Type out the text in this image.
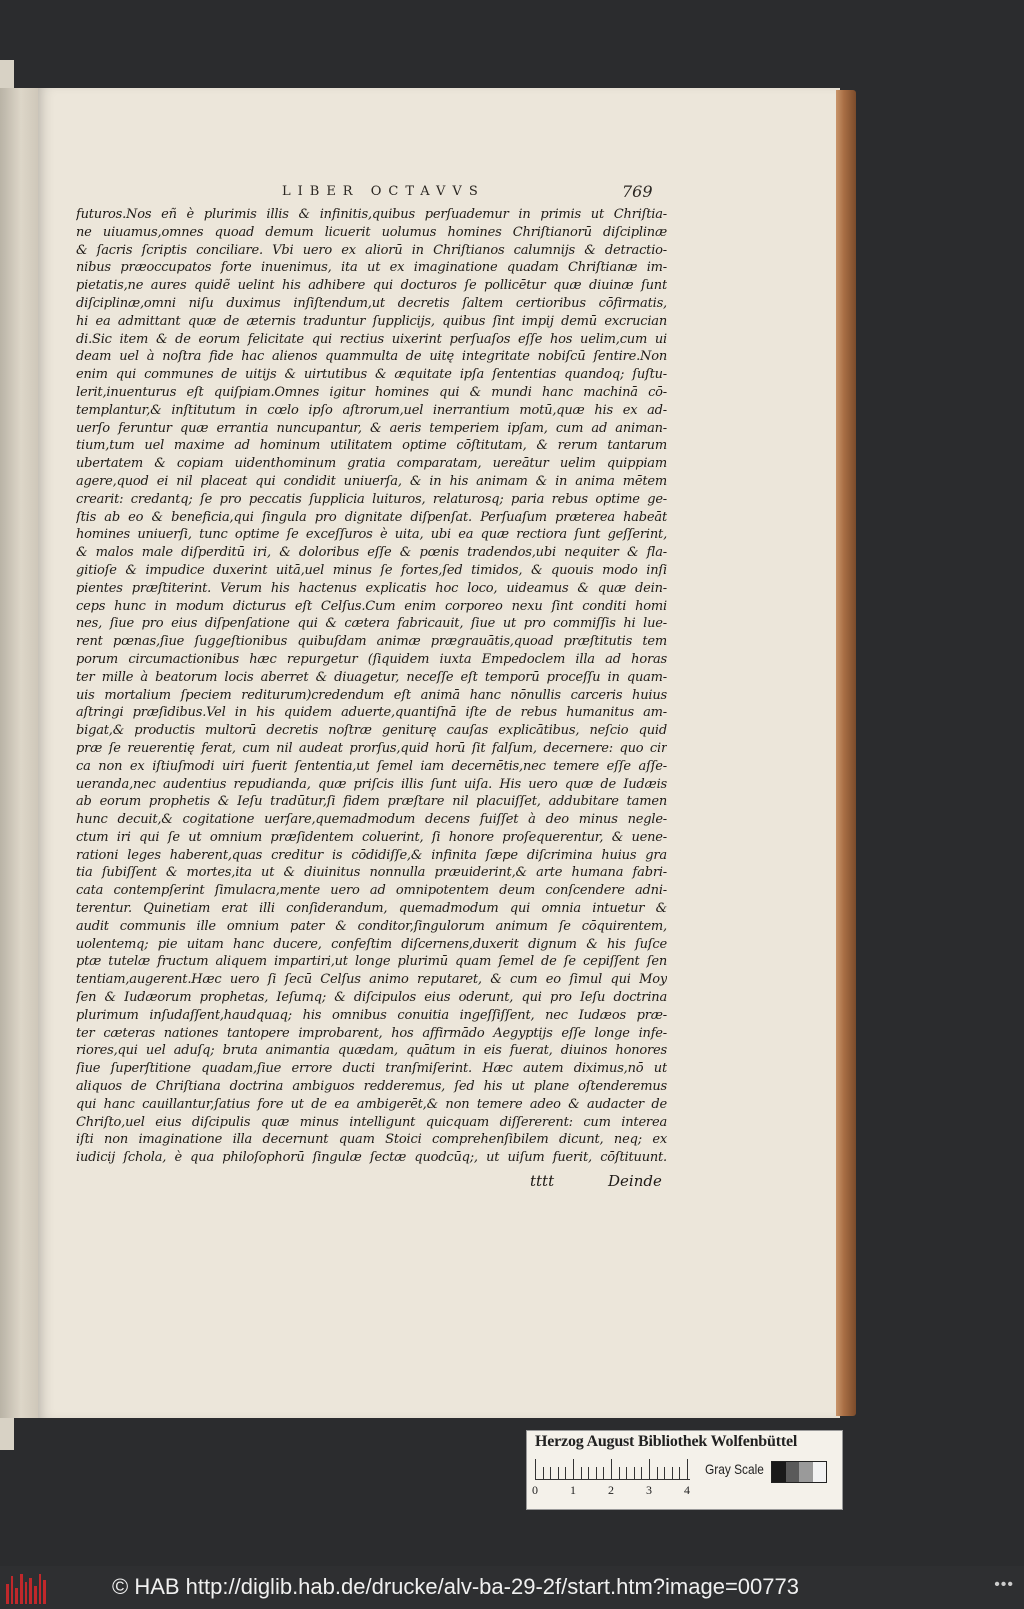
LIBER OCTAVVS	769
futuros.Nos eñ è plurimis illis & infinitis,quibus perſuademur in primis ut Chriſtia-
ne uiuamus,omnes quoad demum licuerit uolumus homines Chriſtianorū diſciplinæ
& ſacris ſcriptis conciliare. Vbi uero ex aliorū in Chriſtianos calumnijs & detractio-
nibus præoccupatos forte inuenimus, ita ut ex imaginatione quadam Chriſtianæ im-
pietatis,ne aures quidẽ uelint his adhibere qui docturos ſe pollicētur quæ diuinæ ſunt
diſciplinæ,omni niſu duximus inſiſtendum,ut decretis ſaltem certioribus cōfirmatis,
hi ea admittant quæ de æternis traduntur ſupplicijs, quibus ſint impij demū excrucian
di.Sic item & de eorum felicitate qui rectius uixerint perſuaſos eſſe hos uelim,cum ui
deam uel à noſtra fide hac alienos quammulta de uitę integritate nobiſcū ſentire.Non
enim qui communes de uitijs & uirtutibus & æquitate ipſa ſententias quandoq; ſuſtu-
lerit,inuenturus eſt quiſpiam.Omnes igitur homines qui & mundi hanc machinā cō-
templantur,& inſtitutum in cœlo ipſo aſtrorum,uel inerrantium motū,quæ his ex ad-
uerſo feruntur quæ errantia nuncupantur, & aeris temperiem ipſam, cum ad animan-
tium,tum uel maxime ad hominum utilitatem optime cōſtitutam, & rerum tantarum
ubertatem & copiam uidenthominum gratia comparatam, uereātur uelim quippiam
agere,quod ei nil placeat qui condidit uniuerſa, & in his animam & in anima mētem
crearit: credantq; ſe pro peccatis ſupplicia luituros, relaturosq; paria rebus optime ge-
ſtis ab eo & beneficia,qui ſingula pro dignitate diſpenſat. Perſuaſum præterea habeāt
homines uniuerſi, tunc optime ſe exceſſuros è uita, ubi ea quæ rectiora ſunt geſſerint,
& malos male diſperditū iri, & doloribus eſſe & pœnis tradendos,ubi nequiter & fla-
gitioſe & impudice duxerint uitā,uel minus ſe fortes,ſed timidos, & quouis modo inſi
pientes præſtiterint. Verum his hactenus explicatis hoc loco, uideamus & quæ dein-
ceps hunc in modum dicturus eſt Celſus.Cum enim corporeo nexu ſint conditi homi
nes, ſiue pro eius diſpenſatione qui & cætera fabricauit, ſiue ut pro commiſſis hi lue-
rent pœnas,ſiue ſuggeſtionibus quibuſdam animæ prægrauātis,quoad præſtitutis tem
porum circumactionibus hæc repurgetur (ſiquidem iuxta Empedoclem illa ad horas
ter mille à beatorum locis aberret & diuagetur, neceſſe eſt temporū proceſſu in quam-
uis mortalium ſpeciem rediturum)credendum eſt animā hanc nōnullis carceris huius
aſtringi præſidibus.Vel in his quidem aduerte,quantiſnā iſte de rebus humanitus am-
bigat,& productis multorū decretis noſtræ geniturę cauſas explicātibus, neſcio quid
præ ſe reuerentię ferat, cum nil audeat prorſus,quid horū ſit falſum, decernere: quo cir
ca non ex iſtiuſmodi uiri fuerit ſententia,ut ſemel iam decernētis,nec temere eſſe aſſe-
ueranda,nec audentius repudianda, quæ priſcis illis ſunt uiſa. His uero quæ de Iudæis
ab eorum prophetis & Ieſu tradūtur,ſi fidem præſtare nil placuiſſet, addubitare tamen
hunc decuit,& cogitatione uerſare,quemadmodum decens fuiſſet à deo minus negle-
ctum iri qui ſe ut omnium præſidentem coluerint, ſi honore proſequerentur, & uene-
rationi leges haberent,quas creditur is cōdidiſſe,& infinita ſæpe diſcrimina huius gra
tia ſubiſſent & mortes,ita ut & diuinitus nonnulla præuiderint,& arte humana fabri-
cata contempſerint ſimulacra,mente uero ad omnipotentem deum conſcendere adni-
terentur. Quinetiam erat illi conſiderandum, quemadmodum qui omnia intuetur &
audit communis ille omnium pater & conditor,ſingulorum animum ſe cōquirentem,
uolentemq; pie uitam hanc ducere, confeſtim diſcernens,duxerit dignum & his ſuſce
ptæ tutelæ fructum aliquem impartiri,ut longe plurimū quam ſemel de ſe cepiſſent ſen
tentiam,augerent.Hæc uero ſi ſecū Celſus animo reputaret, & cum eo ſimul qui Moy
ſen & Iudæorum prophetas, Ieſumq; & diſcipulos eius oderunt, qui pro Ieſu doctrina
plurimum inſudaſſent,haudquaq; his omnibus conuitia ingeſſiſſent, nec Iudæos præ-
ter cæteras nationes tantopere improbarent, hos affirmādo Aegyptijs eſſe longe infe-
riores,qui uel aduſq; bruta animantia quædam, quātum in eis fuerat, diuinos honores
ſiue ſuperſtitione quadam,ſiue errore ducti tranſmiſerint. Hæc autem diximus,nō ut
aliquos de Chriſtiana doctrina ambiguos redderemus, ſed his ut plane oſtenderemus
qui hanc cauillantur,ſatius fore ut de ea ambigerēt,& non temere adeo & audacter de
Chriſto,uel eius diſcipulis quæ minus intelligunt quicquam diſſererent: cum interea
iſti non imaginatione illa decernunt quam Stoici comprehenſibilem dicunt, neq; ex
iudicij ſchola, è qua philoſophorū ſingulæ ſectæ quodcūq;, ut uiſum fuerit, cōſtituunt.
tttt	Deinde
Herzog August Bibliothek Wolfenbüttel
0	1	2	3	4
Gray Scale
© HAB http://diglib.hab.de/drucke/alv-ba-29-2f/start.htm?image=00773	•••
